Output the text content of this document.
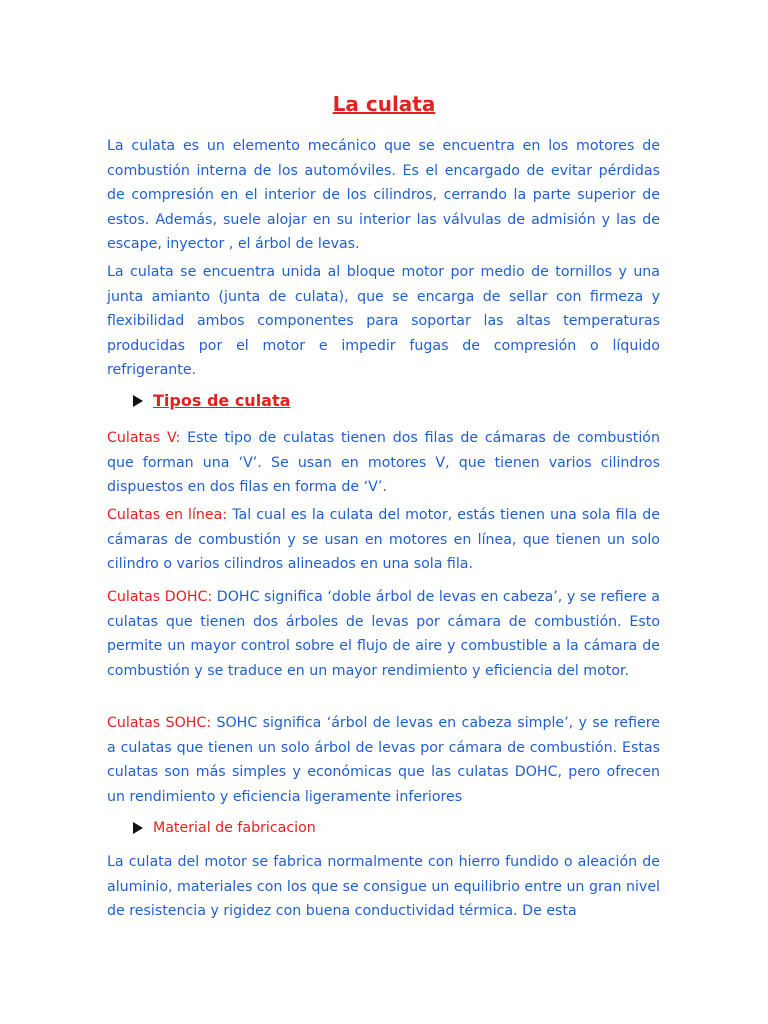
La culata

La culata es un elemento mecánico que se encuentra en los motores de combustión interna de los automóviles. Es el encargado de evitar pérdidas de compresión en el interior de los cilindros, cerrando la parte superior de estos. Además, suele alojar en su interior las válvulas de admisión y las de escape, inyector , el árbol de levas.

La culata se encuentra unida al bloque motor por medio de tornillos y una junta amianto (junta de culata), que se encarga de sellar con firmeza y flexibilidad ambos componentes para soportar las altas temperaturas producidas por el motor e impedir fugas de compresión o líquido refrigerante.

Tipos de culata

Culatas V: Este tipo de culatas tienen dos filas de cámaras de combustión que forman una ‘V’. Se usan en motores V, que tienen varios cilindros dispuestos en dos filas en forma de ‘V’.

Culatas en línea: Tal cual es la culata del motor, estás tienen una sola fila de cámaras de combustión y se usan en motores en línea, que tienen un solo cilindro o varios cilindros alineados en una sola fila.

Culatas DOHC: DOHC significa ‘doble árbol de levas en cabeza’, y se refiere a culatas que tienen dos árboles de levas por cámara de combustión. Esto permite un mayor control sobre el flujo de aire y combustible a la cámara de combustión y se traduce en un mayor rendimiento y eficiencia del motor.

Culatas SOHC: SOHC significa ‘árbol de levas en cabeza simple’, y se refiere a culatas que tienen un solo árbol de levas por cámara de combustión. Estas culatas son más simples y económicas que las culatas DOHC, pero ofrecen un rendimiento y eficiencia ligeramente inferiores

Material de fabricacion

La culata del motor se fabrica normalmente con hierro fundido o aleación de aluminio, materiales con los que se consigue un equilibrio entre un gran nivel de resistencia y rigidez con buena conductividad térmica. De esta
